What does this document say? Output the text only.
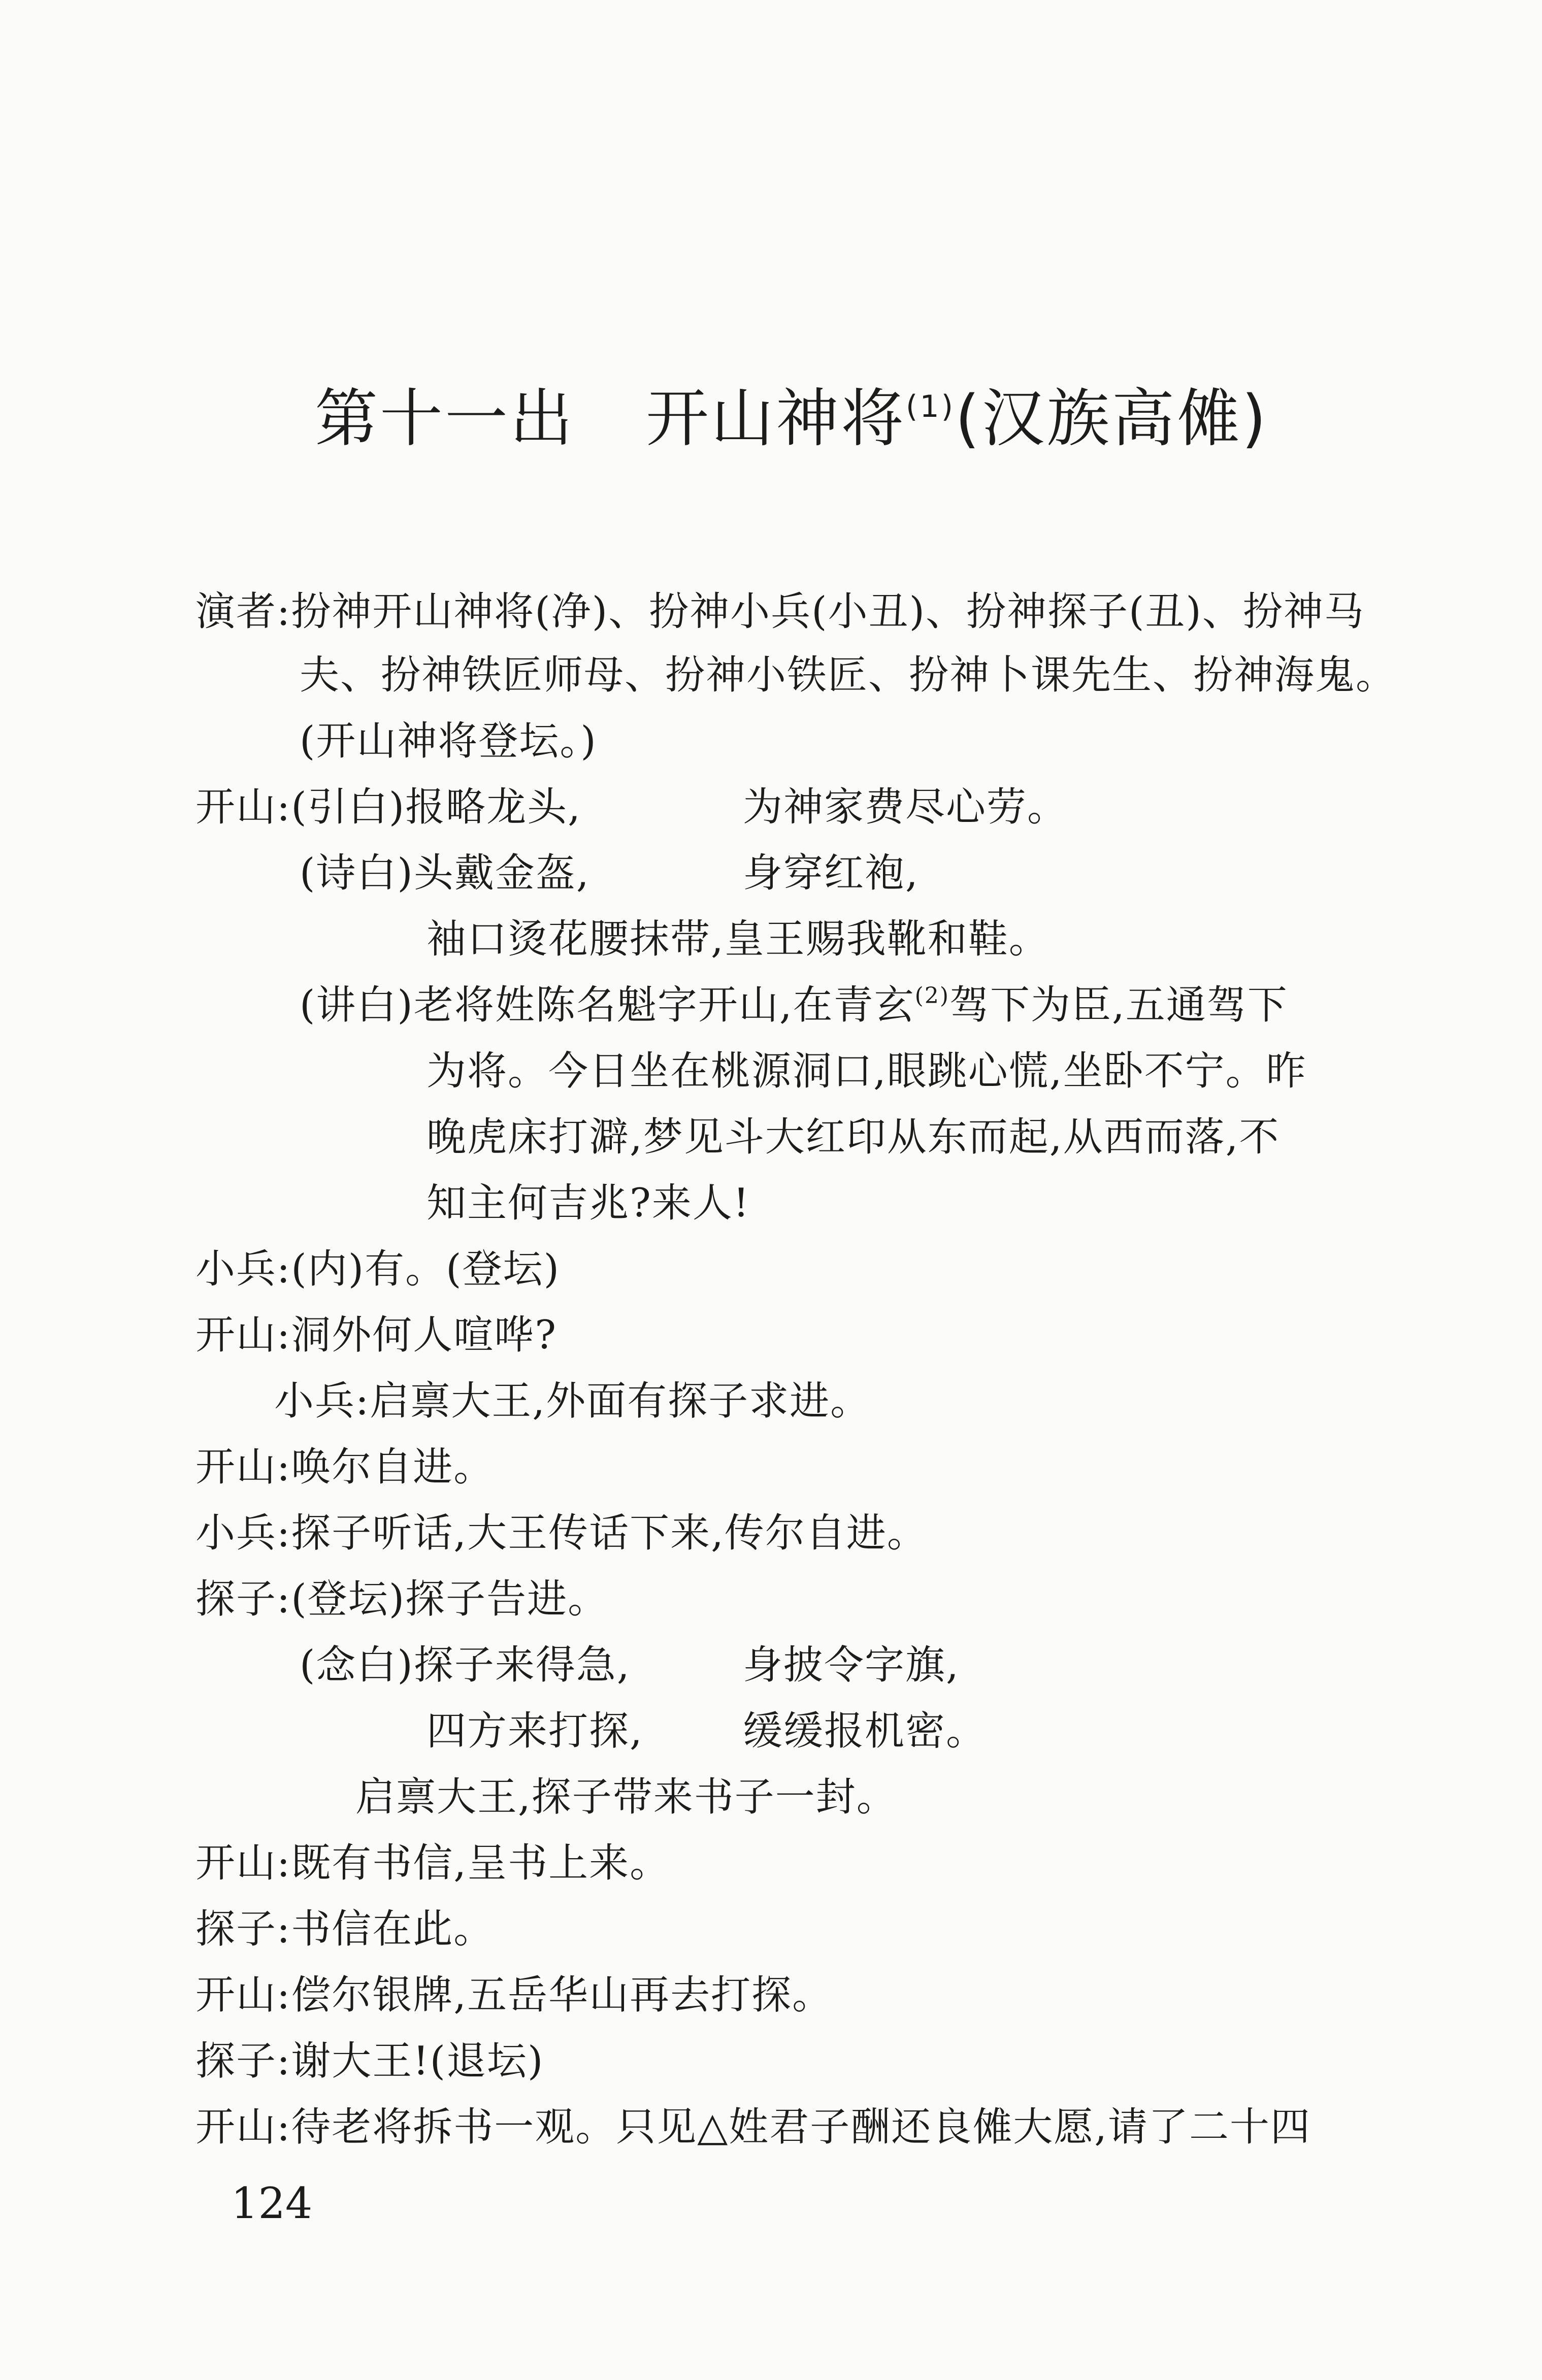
第十一出 开山神将$^{(1)}$(汉族高傩)
演者:扮神开山神将(净)、扮神小兵(小丑)、扮神探子(丑)、扮神马
夫、扮神铁匠师母、扮神小铁匠、扮神卜课先生、扮神海鬼。
(开山神将登坛。)
开山:(引白)报略龙头,	为神家费尽心劳。
(诗白)头戴金盔,	身穿红袍,
袖口烫花腰抹带,皇王赐我靴和鞋。
(讲白)老将姓陈名魁字开山,在青玄$^{(2)}$驾下为臣,五通驾下
为将。今日坐在桃源洞口,眼跳心慌,坐卧不宁。昨
晚虎床打澼,梦见斗大红印从东而起,从西而落,不
知主何吉兆?来人!
小兵:(内)有。(登坛)
开山:洞外何人喧哗?
小兵:启禀大王,外面有探子求进。
开山:唤尔自进。
小兵:探子听话,大王传话下来,传尔自进。
探子:(登坛)探子告进。
(念白)探子来得急,	身披令字旗,
四方来打探,	缓缓报机密。
启禀大王,探子带来书子一封。
开山:既有书信,呈书上来。
探子:书信在此。
开山:偿尔银牌,五岳华山再去打探。
探子:谢大王!(退坛)
开山:待老将拆书一观。只见△姓君子酬还良傩大愿,请了二十四
124
